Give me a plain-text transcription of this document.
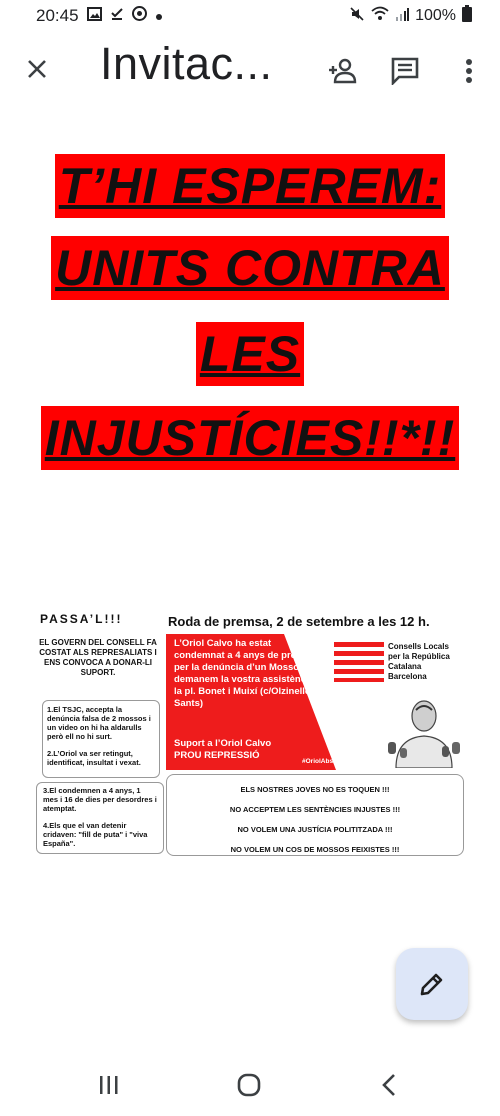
20:45	100%
Invitac...
T’HI ESPEREM:
UNITS CONTRA
LES
INJUSTÍCIES!!*!!
PASSA’L!!!
EL GOVERN DEL CONSELL FA COSTAT ALS REPRESALIATS I ENS CONVOCA A DONAR-LI SUPORT.

1.El TSJC, accepta la denúncia falsa de 2 mossos i un video on hi ha aldarulls però ell no hi surt.

2.L’Oriol va ser retingut, identificat, insultat i vexat.

3.El condemnen a 4 anys, 1 mes i 16 de dies per desordres i atemptat.

4.Els que el van detenir cridaven: "fill de puta" i "viva España".

Roda de premsa, 2 de setembre a les 12 h.
L’Oriol Calvo ha estat condemnat a 4 anys de presó per la denúncia d’un Mosso. Us demanem la vostra assistència a la pl. Bonet i Muixí (c/Olzinelles - Sants)
Suport a l’Oriol Calvo
PROU REPRESSIÓ
#OriolAbsolució
Consells Locals
per la República
Catalana
Barcelona
ELS NOSTRES JOVES NO ES TOQUEN !!!
NO ACCEPTEM LES SENTÈNCIES INJUSTES !!!
NO VOLEM UNA JUSTÍCIA POLITITZADA !!!
NO VOLEM UN COS DE MOSSOS FEIXISTES !!!
